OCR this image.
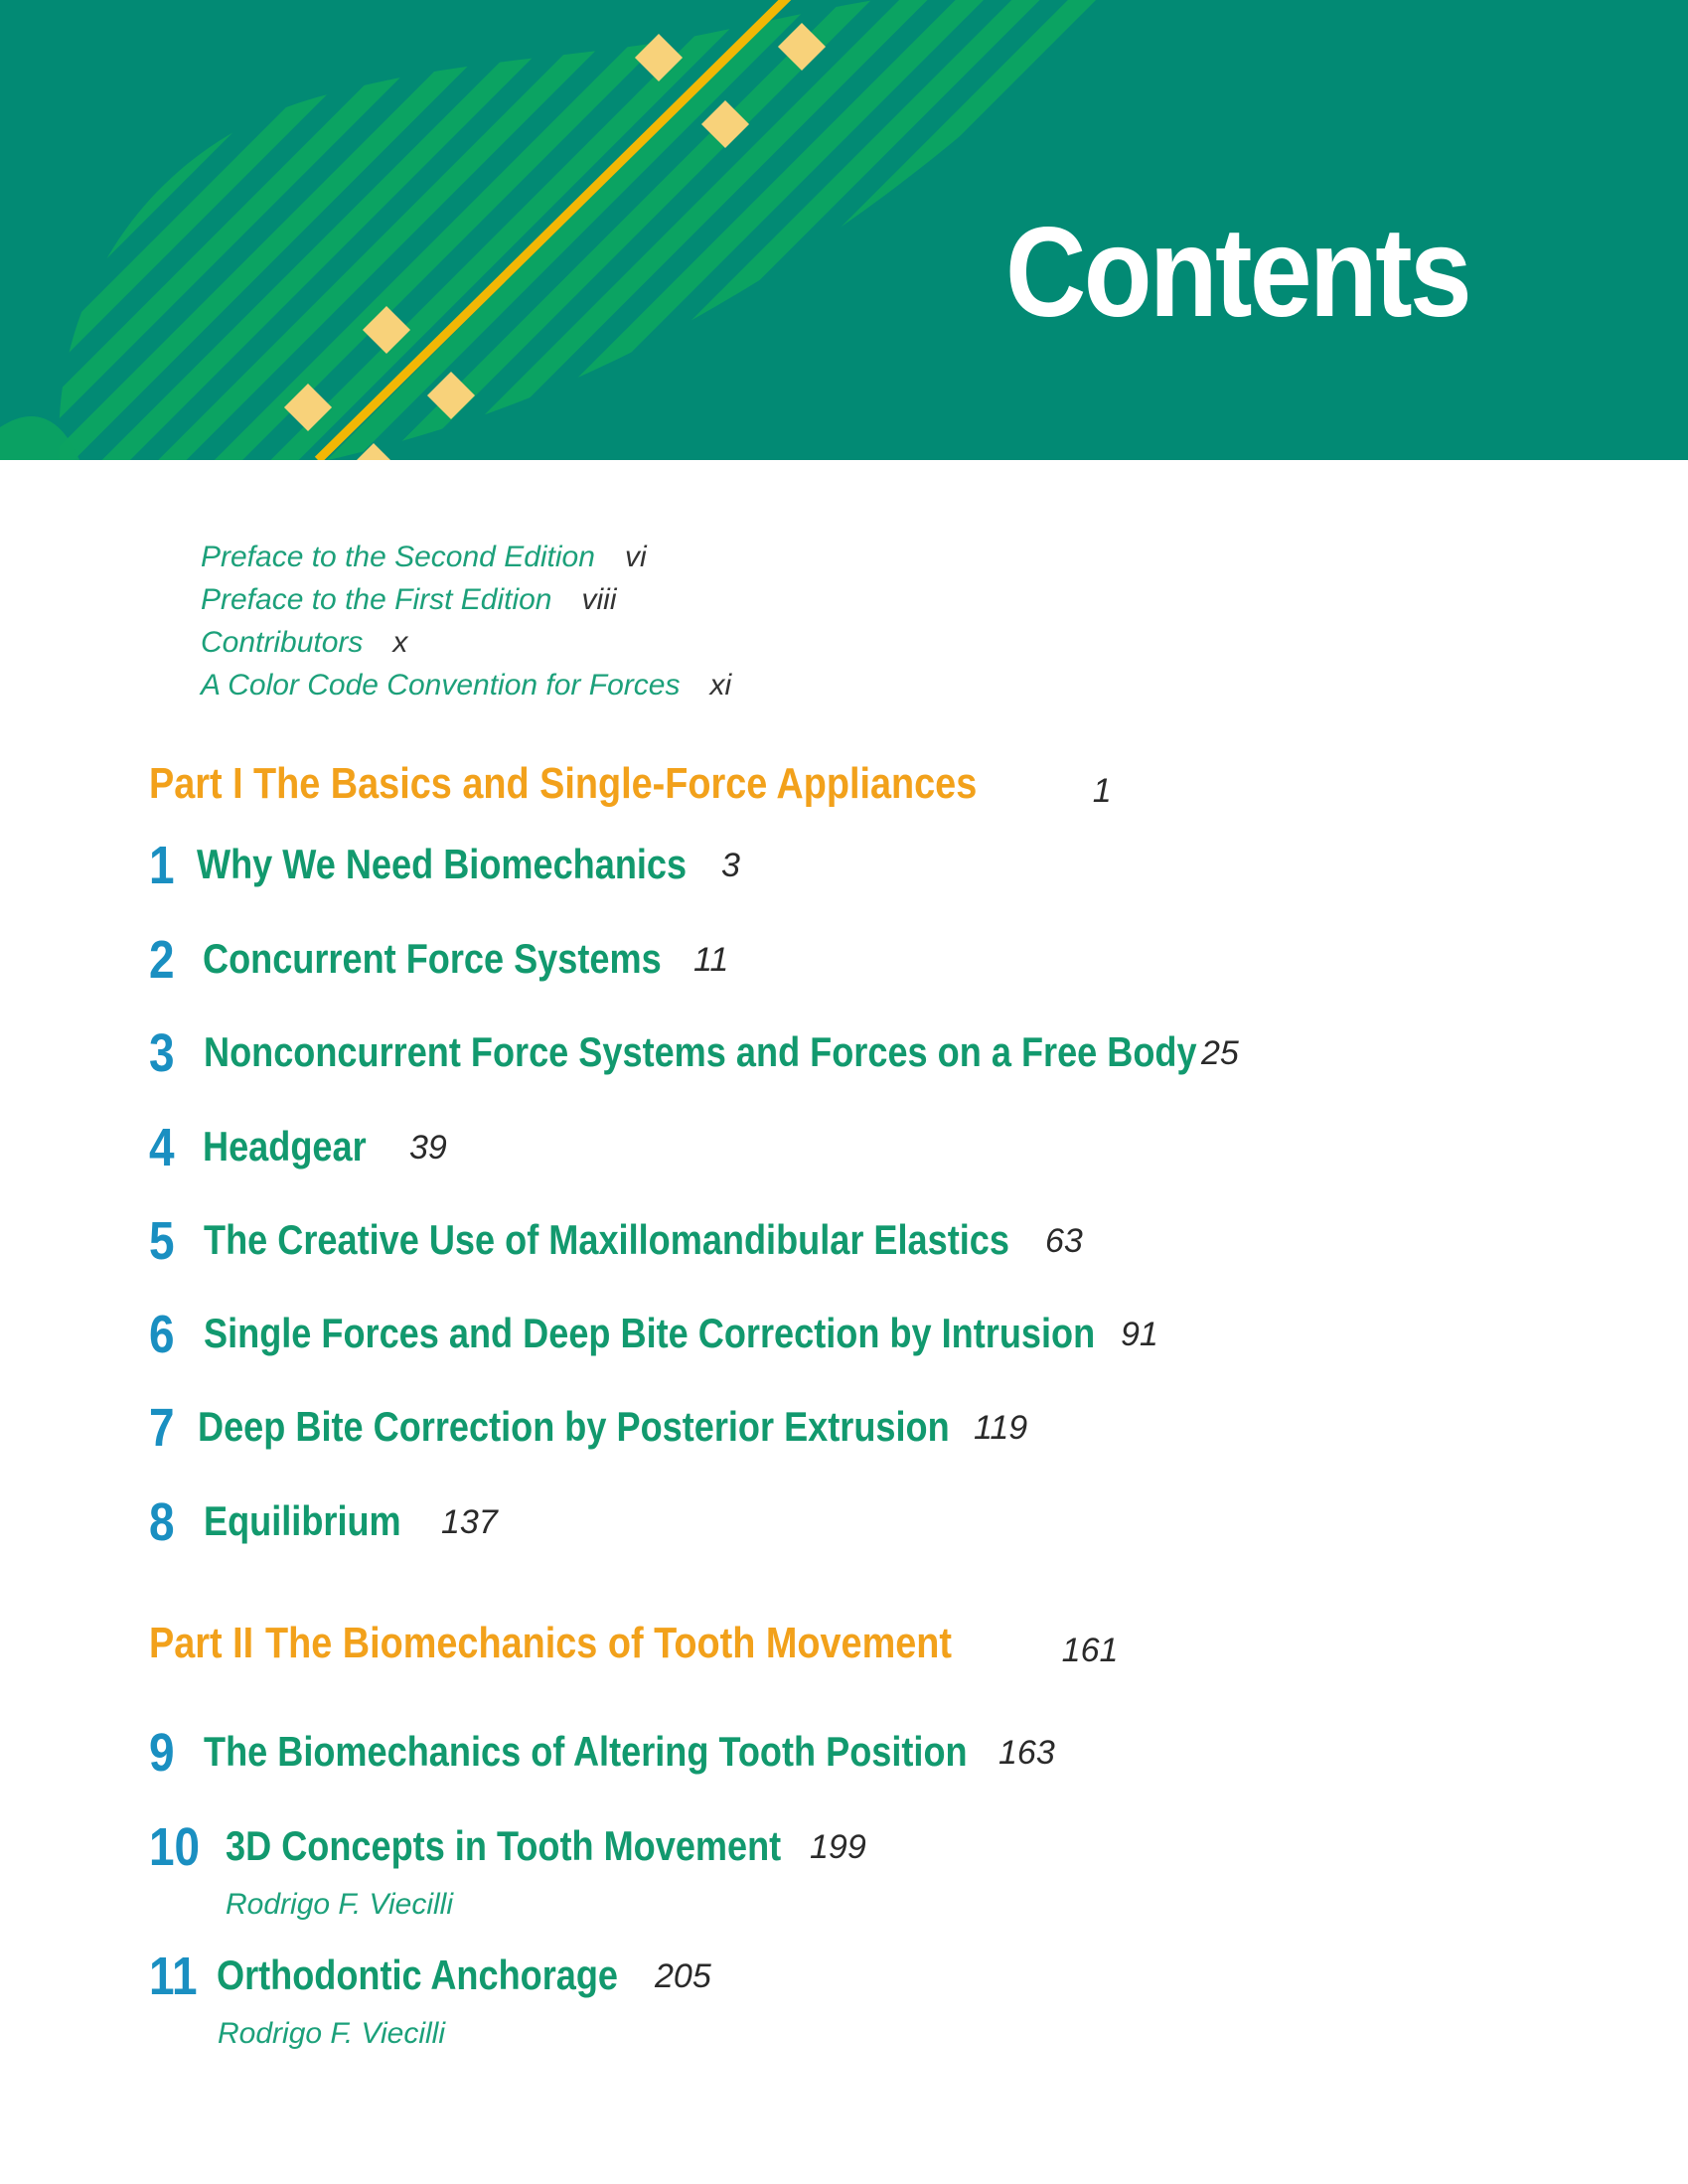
Contents
Preface to the Second Edition vi
Preface to the First Edition viii
Contributors x
A Color Code Convention for Forces xi
Part I The Basics and Single-Force Appliances	1
1 Why We Need Biomechanics 3
2 Concurrent Force Systems 11
3 Nonconcurrent Force Systems and Forces on a Free Body 25
4 Headgear 39
5 The Creative Use of Maxillomandibular Elastics 63
6 Single Forces and Deep Bite Correction by Intrusion 91
7 Deep Bite Correction by Posterior Extrusion 119
8 Equilibrium 137
Part II The Biomechanics of Tooth Movement	161
9 The Biomechanics of Altering Tooth Position 163
10 3D Concepts in Tooth Movement 199
Rodrigo F. Viecilli
11 Orthodontic Anchorage 205
Rodrigo F. Viecilli
